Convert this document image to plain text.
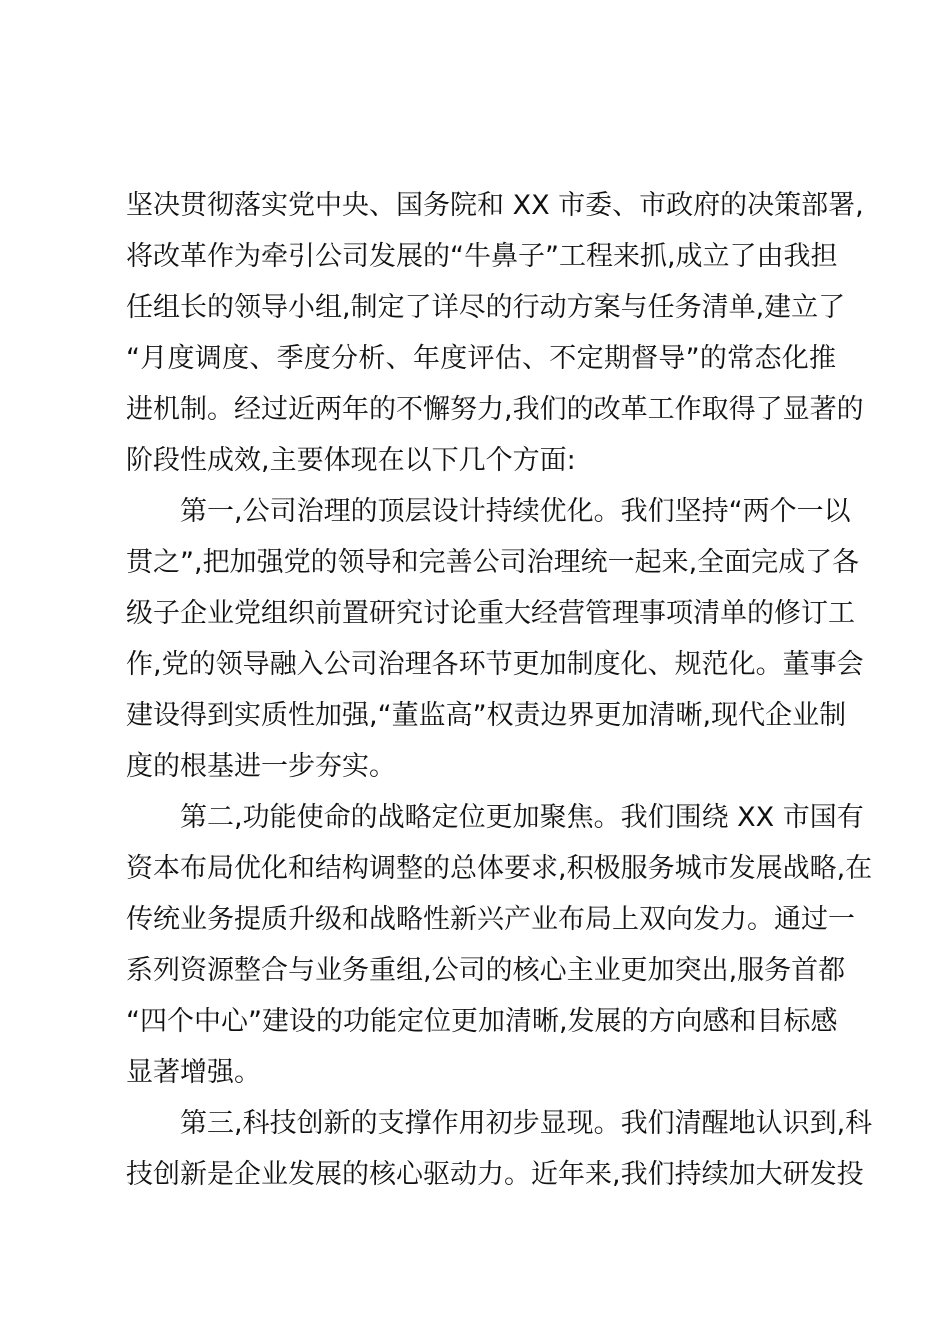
坚决贯彻落实党中央、国务院和 XX 市委、市政府的决策部署,
将改革作为牵引公司发展的“牛鼻子”工程来抓,成立了由我担
任组长的领导小组,制定了详尽的行动方案与任务清单,建立了
“月度调度、季度分析、年度评估、不定期督导”的常态化推
进机制。经过近两年的不懈努力,我们的改革工作取得了显著的
阶段性成效,主要体现在以下几个方面:
第一,公司治理的顶层设计持续优化。我们坚持“两个一以
贯之”,把加强党的领导和完善公司治理统一起来,全面完成了各
级子企业党组织前置研究讨论重大经营管理事项清单的修订工
作,党的领导融入公司治理各环节更加制度化、规范化。董事会
建设得到实质性加强,“董监高”权责边界更加清晰,现代企业制
度的根基进一步夯实。
第二,功能使命的战略定位更加聚焦。我们围绕 XX 市国有
资本布局优化和结构调整的总体要求,积极服务城市发展战略,在
传统业务提质升级和战略性新兴产业布局上双向发力。通过一
系列资源整合与业务重组,公司的核心主业更加突出,服务首都
“四个中心”建设的功能定位更加清晰,发展的方向感和目标感
显著增强。
第三,科技创新的支撑作用初步显现。我们清醒地认识到,科
技创新是企业发展的核心驱动力。近年来,我们持续加大研发投
